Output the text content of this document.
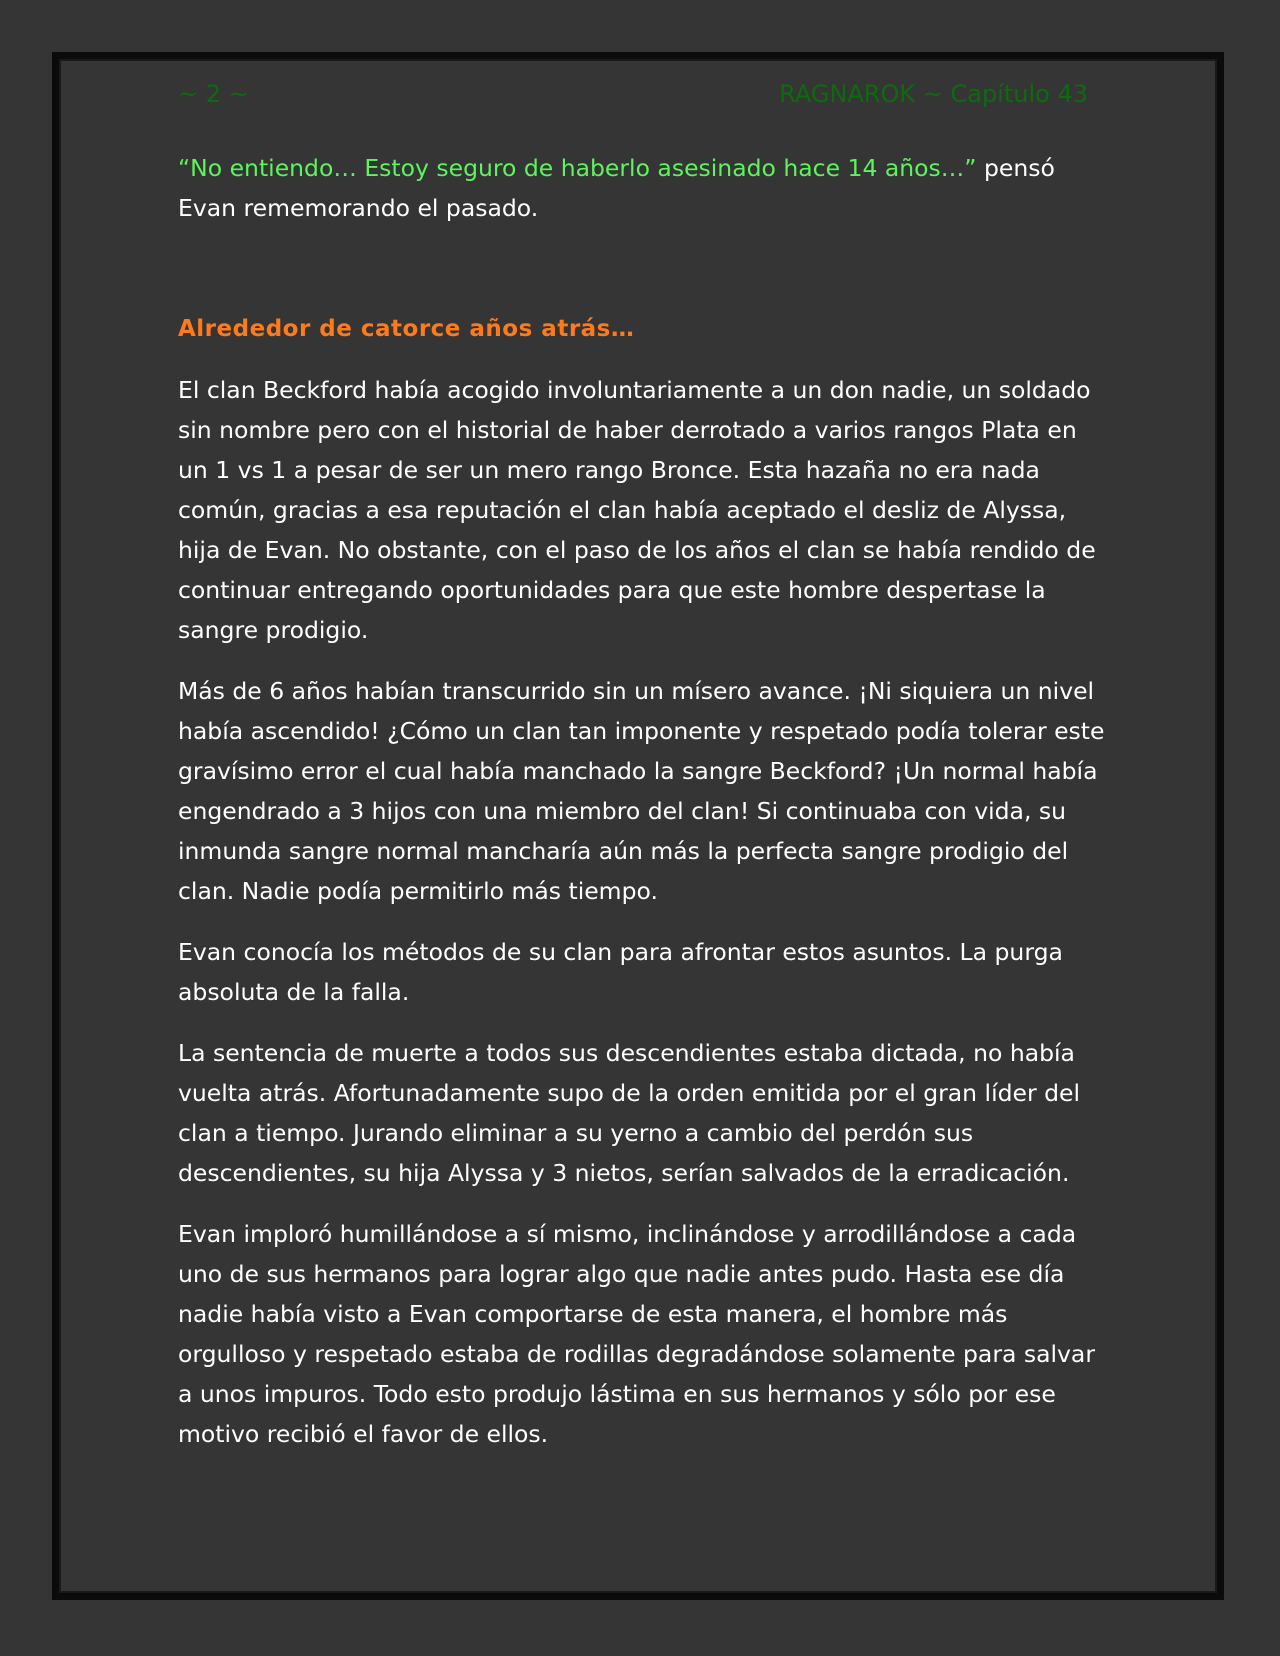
~ 2 ~	RAGNAROK ~ Capítulo 43

“No entiendo… Estoy seguro de haberlo asesinado hace 14 años…” pensó Evan rememorando el pasado.

Alrededor de catorce años atrás…

El clan Beckford había acogido involuntariamente a un don nadie, un soldado sin nombre pero con el historial de haber derrotado a varios rangos Plata en un 1 vs 1 a pesar de ser un mero rango Bronce. Esta hazaña no era nada común, gracias a esa reputación el clan había aceptado el desliz de Alyssa, hija de Evan. No obstante, con el paso de los años el clan se había rendido de continuar entregando oportunidades para que este hombre despertase la sangre prodigio.

Más de 6 años habían transcurrido sin un mísero avance. ¡Ni siquiera un nivel había ascendido! ¿Cómo un clan tan imponente y respetado podía tolerar este gravísimo error el cual había manchado la sangre Beckford? ¡Un normal había engendrado a 3 hijos con una miembro del clan! Si continuaba con vida, su inmunda sangre normal mancharía aún más la perfecta sangre prodigio del clan. Nadie podía permitirlo más tiempo.

Evan conocía los métodos de su clan para afrontar estos asuntos. La purga absoluta de la falla.

La sentencia de muerte a todos sus descendientes estaba dictada, no había vuelta atrás. Afortunadamente supo de la orden emitida por el gran líder del clan a tiempo. Jurando eliminar a su yerno a cambio del perdón sus descendientes, su hija Alyssa y 3 nietos, serían salvados de la erradicación.

Evan imploró humillándose a sí mismo, inclinándose y arrodillándose a cada uno de sus hermanos para lograr algo que nadie antes pudo. Hasta ese día nadie había visto a Evan comportarse de esta manera, el hombre más orgulloso y respetado estaba de rodillas degradándose solamente para salvar a unos impuros. Todo esto produjo lástima en sus hermanos y sólo por ese motivo recibió el favor de ellos.
